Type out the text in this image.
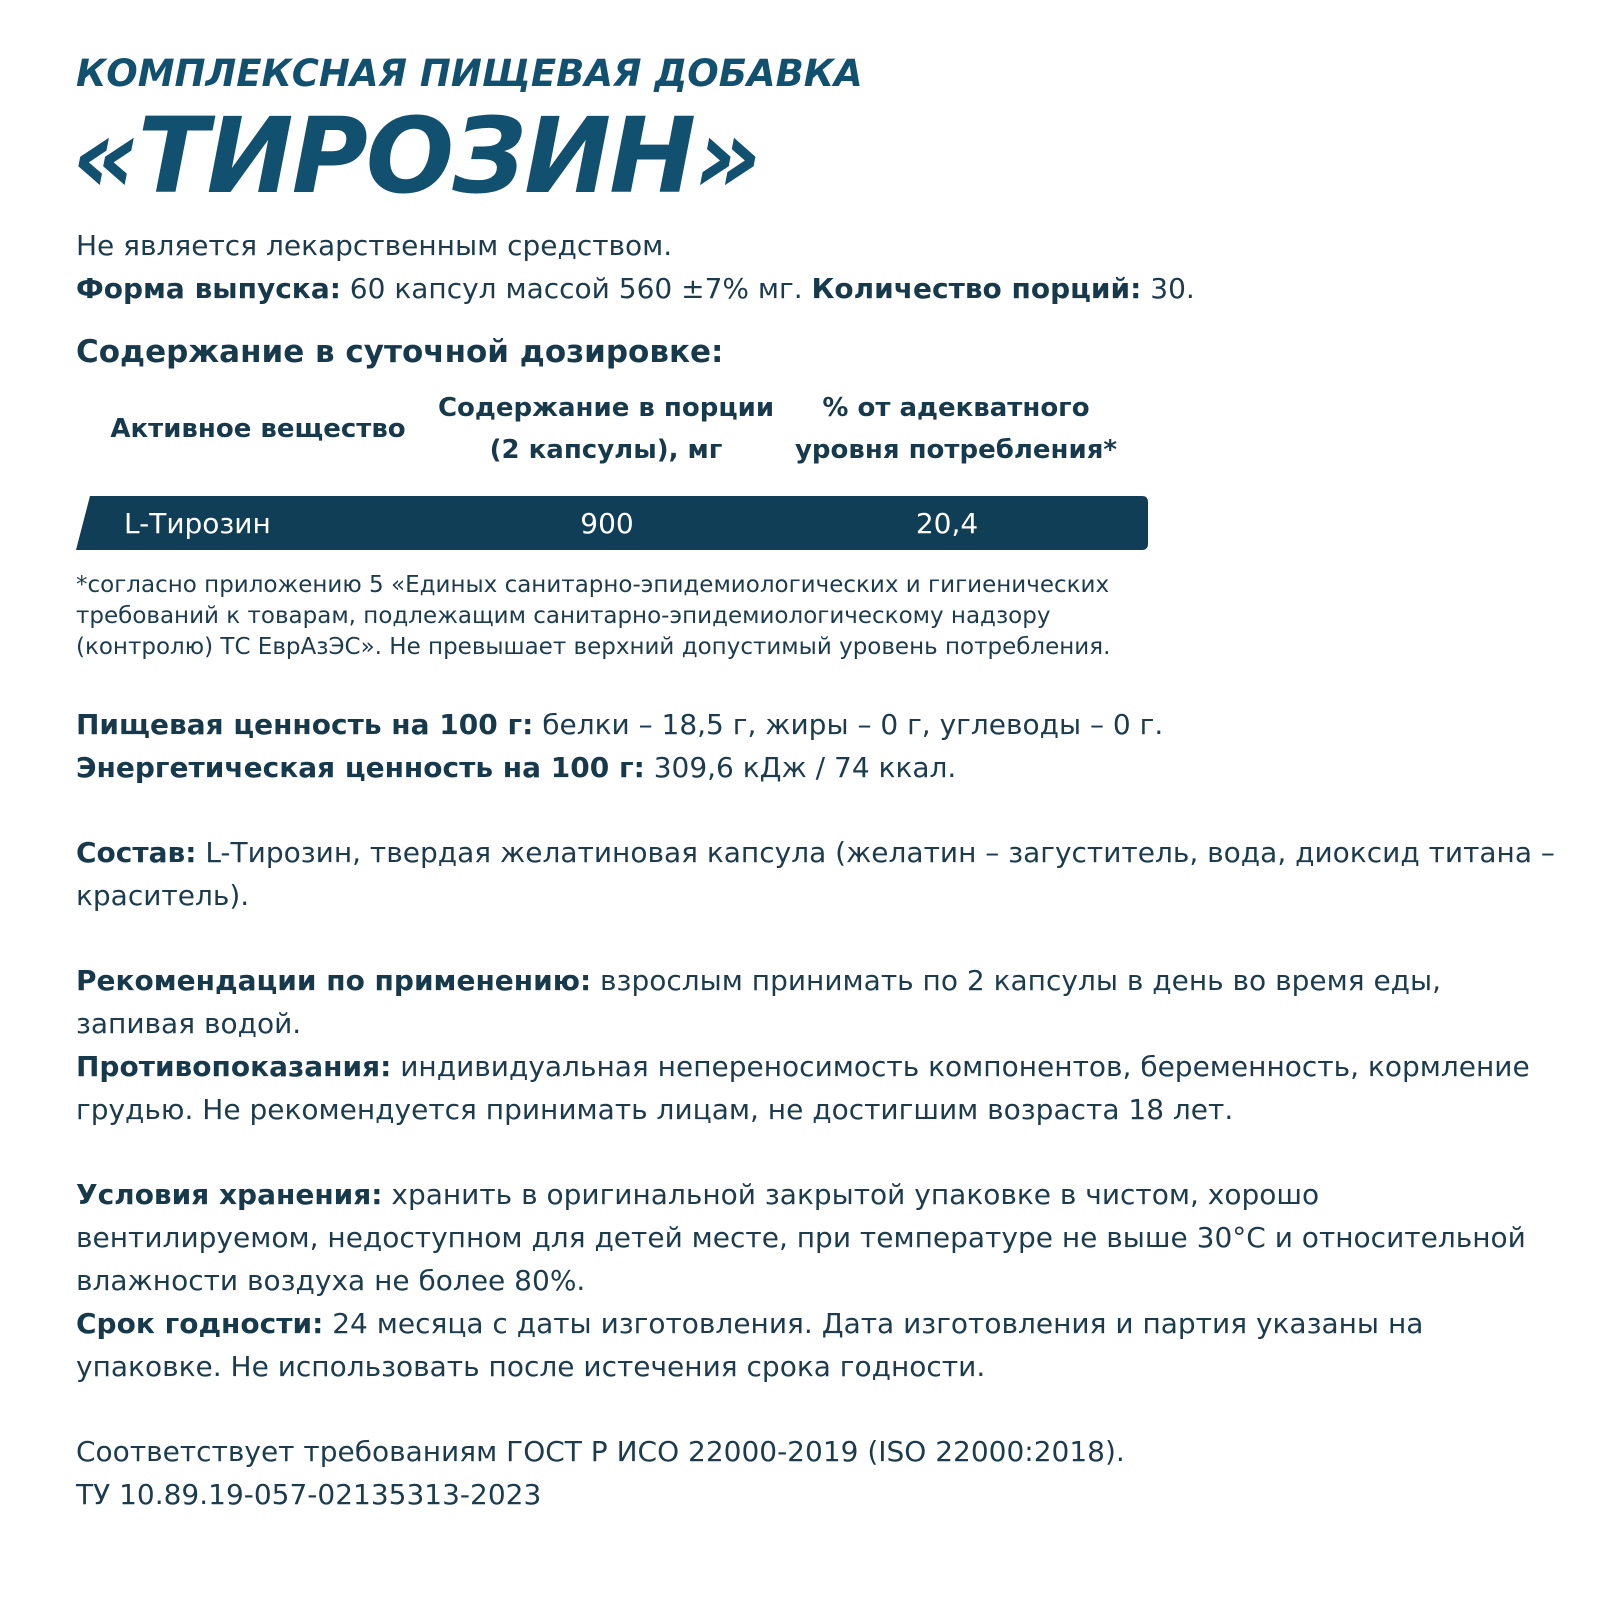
КОМПЛЕКСНАЯ ПИЩЕВАЯ ДОБАВКА

«ТИРОЗИН»

Не является лекарственным средством.

Форма выпуска: 60 капсул массой 560 ±7% мг. Количество порций: 30.

Содержание в суточной дозировке:

Активное вещество
Содержание в порции
(2 капсулы), мг
% от адекватного
уровня потребления*
L-Тирозин	900	20,4

*согласно приложению 5 «Единых санитарно-эпидемиологических и гигиенических требований к товарам, подлежащим санитарно-эпидемиологическому надзору (контролю) ТС ЕврАзЭС». Не превышает верхний допустимый уровень потребления.

Пищевая ценность на 100 г: белки – 18,5 г, жиры – 0 г, углеводы – 0 г.

Энергетическая ценность на 100 г: 309,6 кДж / 74 ккал.

Состав: L-Тирозин, твердая желатиновая капсула (желатин – загуститель, вода, диоксид титана – краситель).

Рекомендации по применению: взрослым принимать по 2 капсулы в день во время еды, запивая водой.

Противопоказания: индивидуальная непереносимость компонентов, беременность, кормление грудью. Не рекомендуется принимать лицам, не достигшим возраста 18 лет.

Условия хранения: хранить в оригинальной закрытой упаковке в чистом, хорошо вентилируемом, недоступном для детей месте, при температуре не выше 30°С и относительной влажности воздуха не более 80%.

Срок годности: 24 месяца с даты изготовления. Дата изготовления и партия указаны на упаковке. Не использовать после истечения срока годности.

Соответствует требованиям ГОСТ Р ИСО 22000-2019 (ISO 22000:2018).

ТУ 10.89.19-057-02135313-2023
